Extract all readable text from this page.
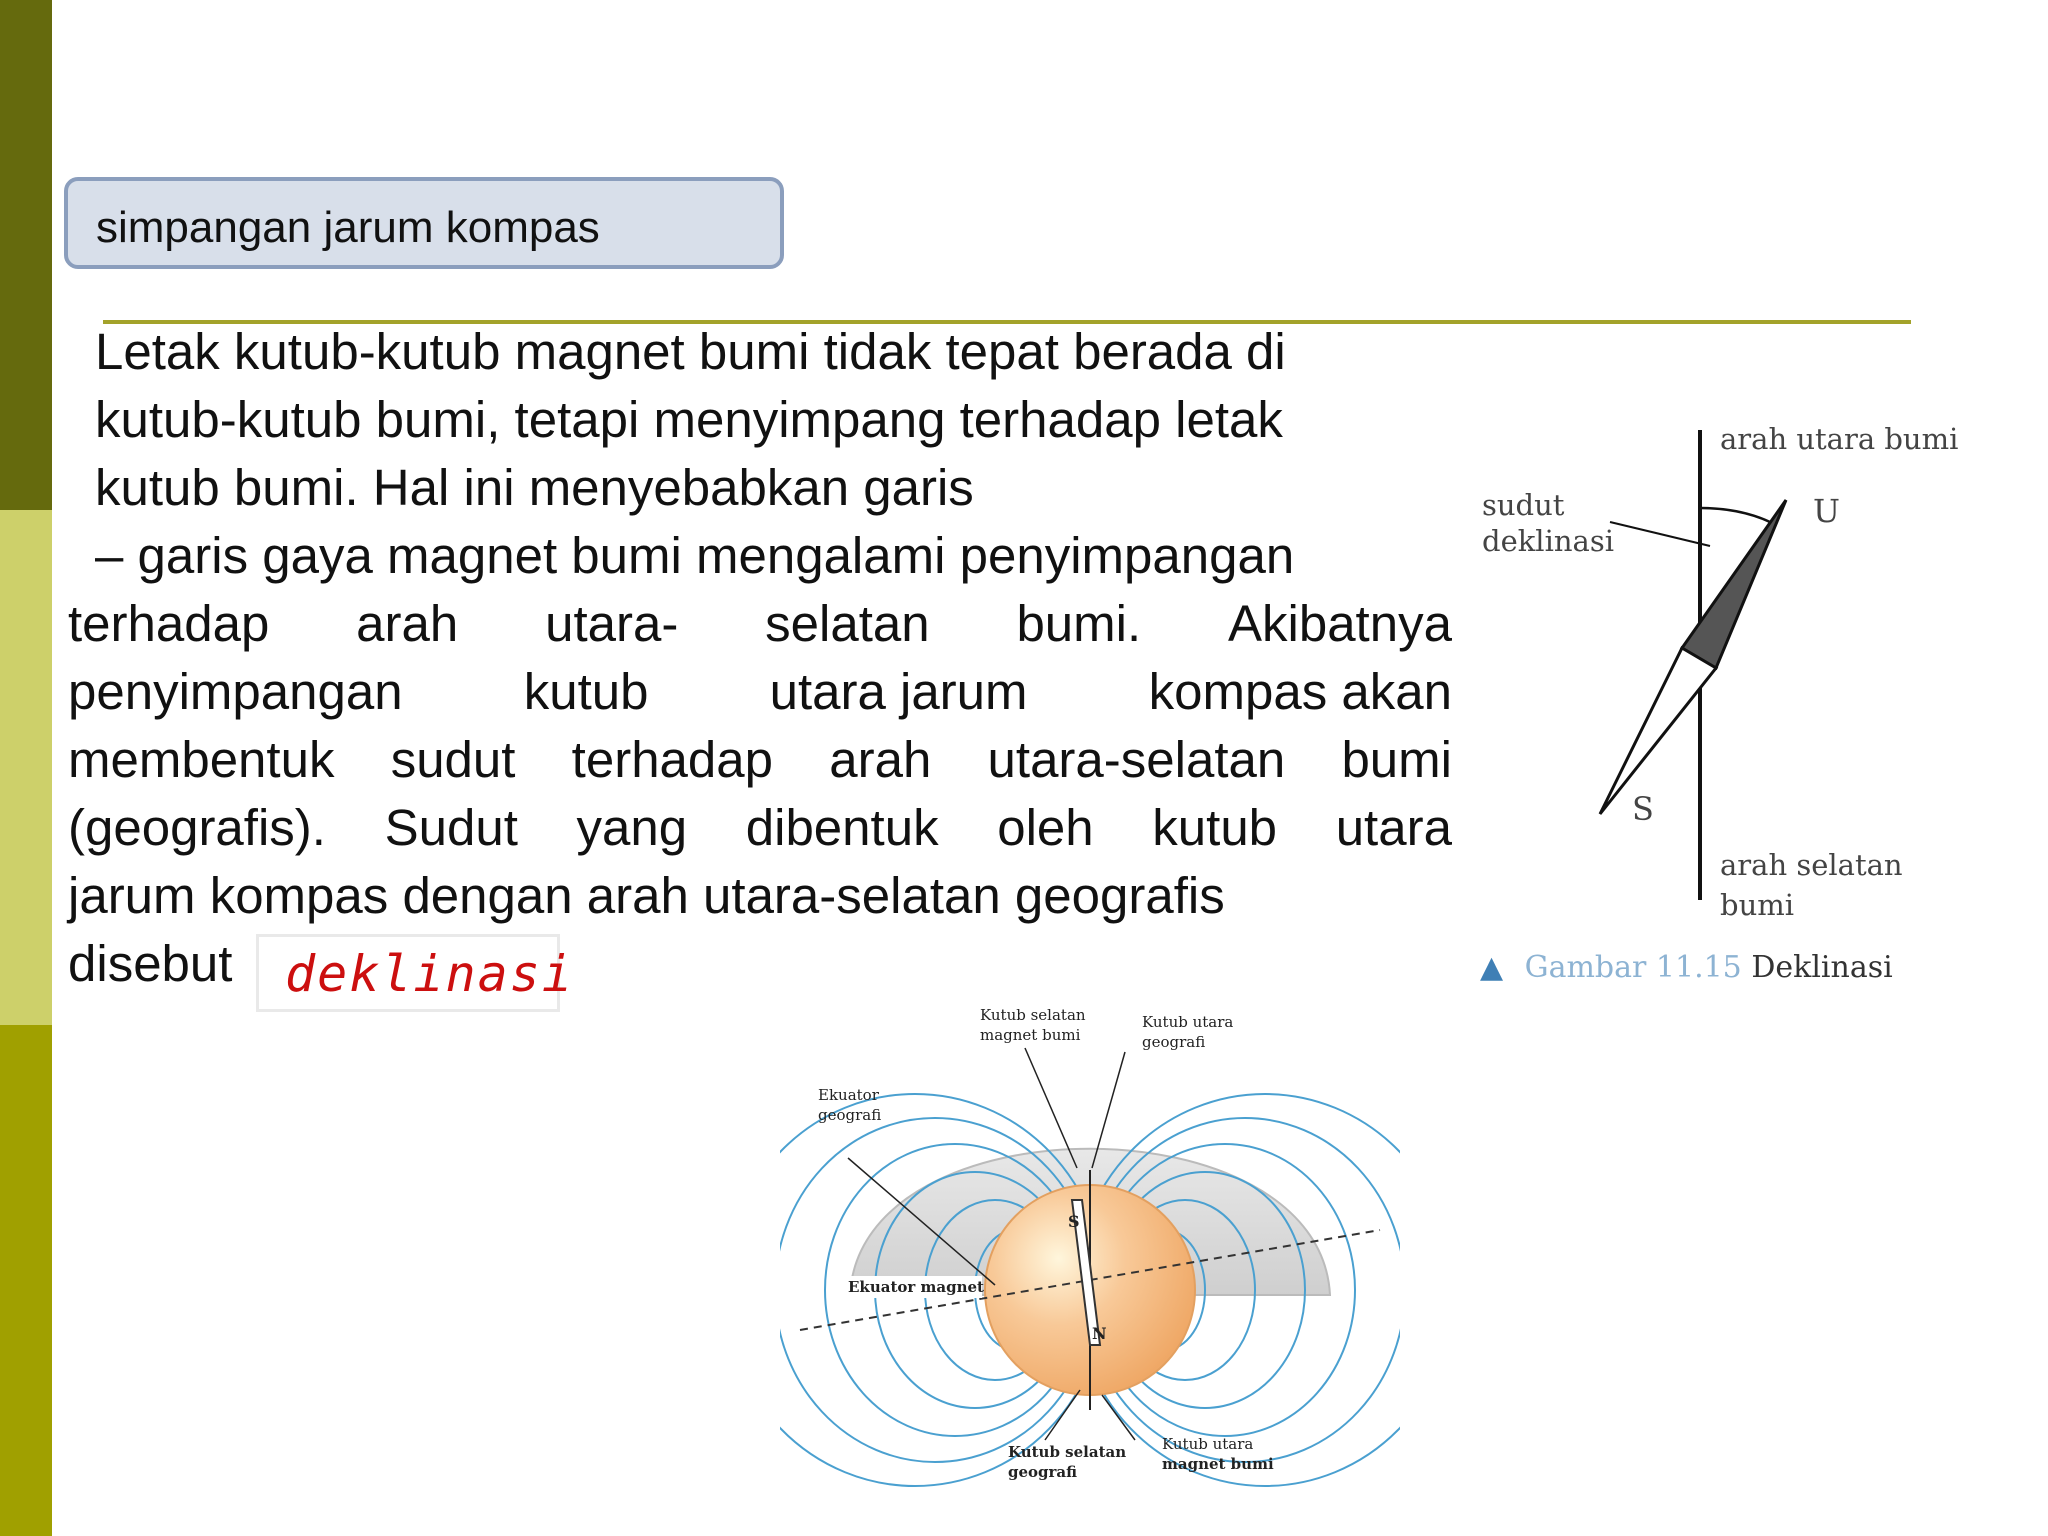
simpangan jarum kompas
Letak kutub-kutub magnet bumi tidak tepat berada di
kutub-kutub bumi, tetapi menyimpang terhadap letak
kutub bumi. Hal ini menyebabkan garis
– garis gaya magnet bumi mengalami penyimpangan
terhadap arah utara- selatan bumi. Akibatnya
penyimpangan kutub utara jarum kompas akan
membentuk sudut terhadap arah utara-selatan bumi
(geografis). Sudut yang dibentuk oleh kutub utara
jarum kompas dengan arah utara-selatan geografis
disebut	deklinasi
arah utara bumi
sudut
deklinasi
U
S
arah selatan
bumi
▲ Gambar 11.15 Deklinasi
Kutub selatan
magnet bumi
Kutub utara
geografi
Ekuator
geografi
Ekuator magnet
S
N
Kutub selatan
geografi
Kutub utara
magnet bumi
